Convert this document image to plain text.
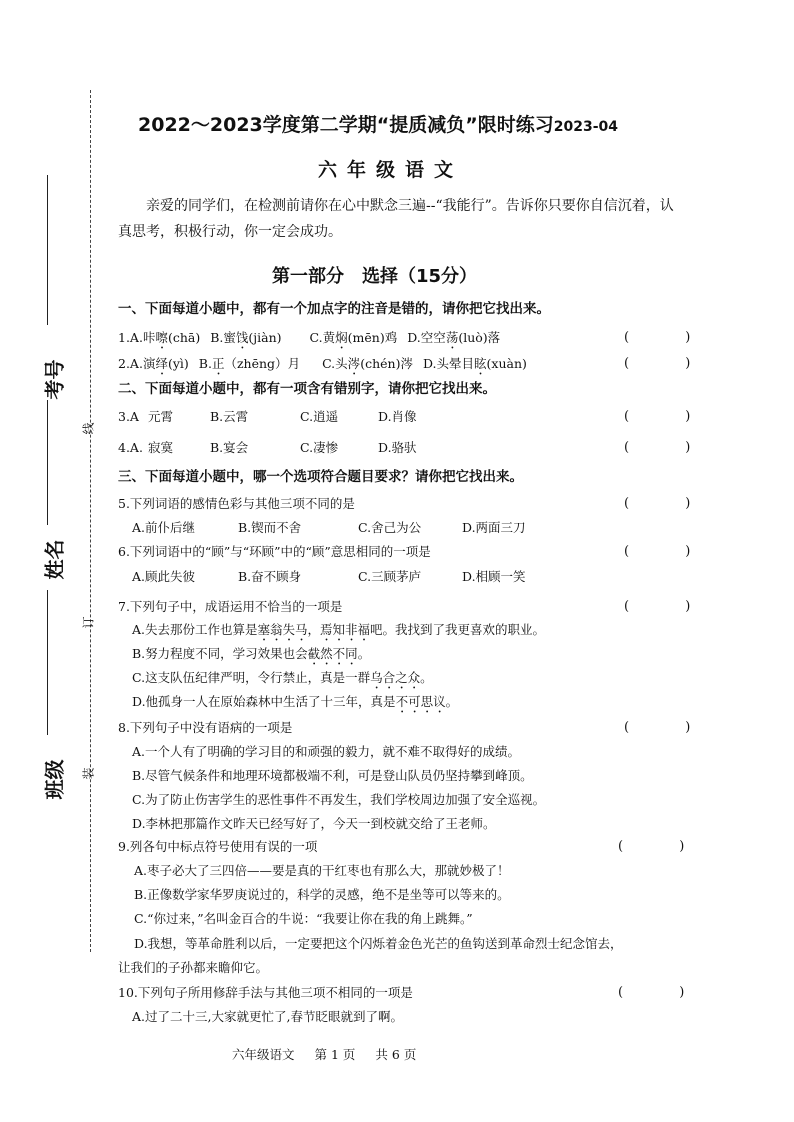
线
订
装
考号
姓名
班级
2022～2023学度第二学期“提质减负”限时练习2023-04
六年级语文
亲爱的同学们，在检测前请你在心中默念三遍--“我能行”。告诉你只要你自信沉着，认真思考，积极行动，你一定会成功。
第一部分　选择（15分）
一、下面每道小题中，都有一个加点字的注音是错的，请你把它找出来。
1.A.咔嚓(chā) B.蜜饯(jiàn) C.黄焖(mēn)鸡 D.空空荡(luò)落	( )
2.A.演绎(yì) B.正（zhēng）月 C.头涔(chén)涔 D.头晕目眩(xuàn)	( )
二、下面每道小题中，都有一项含有错别字，请你把它找出来。
3.A 元霄	B.云霄	C.逍遥	D.肖像	( )
4.A. 寂寞	B.宴会	C.凄惨	D.骆驮	( )
三、下面每道小题中，哪一个选项符合题目要求？请你把它找出来。
5.下列词语的感情色彩与其他三项不同的是	( )
A.前仆后继	B.锲而不舍	C.舍己为公	D.两面三刀
6.下列词语中的“顾”与“环顾”中的“顾”意思相同的一项是	( )
A.顾此失彼	B.奋不顾身	C.三顾茅庐	D.相顾一笑
7.下列句子中，成语运用不恰当的一项是	( )
A.失去那份工作也算是塞翁失马，焉知非福吧。我找到了我更喜欢的职业。
B.努力程度不同，学习效果也会截然不同。
C.这支队伍纪律严明，令行禁止，真是一群乌合之众。
D.他孤身一人在原始森林中生活了十三年，真是不可思议。
8.下列句子中没有语病的一项是	( )
A.一个人有了明确的学习目的和顽强的毅力，就不难不取得好的成绩。
B.尽管气候条件和地理环境都极端不利，可是登山队员仍坚持攀到峰顶。
C.为了防止伤害学生的恶性事件不再发生，我们学校周边加强了安全巡视。
D.李林把那篇作文昨天已经写好了，今天一到校就交给了王老师。
9.列各句中标点符号使用有误的一项	( )
A.枣子必大了三四倍——要是真的干红枣也有那么大，那就妙极了！
B.正像数学家华罗庚说过的，科学的灵感，绝不是坐等可以等来的。
C.“你过来，”名叫金百合的牛说：“我要让你在我的角上跳舞。”
D.我想，等革命胜利以后，一定要把这个闪烁着金色光芒的鱼钩送到革命烈士纪念馆去，
让我们的子孙都来瞻仰它。
10.下列句子所用修辞手法与其他三项不相同的一项是	( )
A.过了二十三,大家就更忙了,春节眨眼就到了啊。
六年级语文 第 1 页 共 6 页
